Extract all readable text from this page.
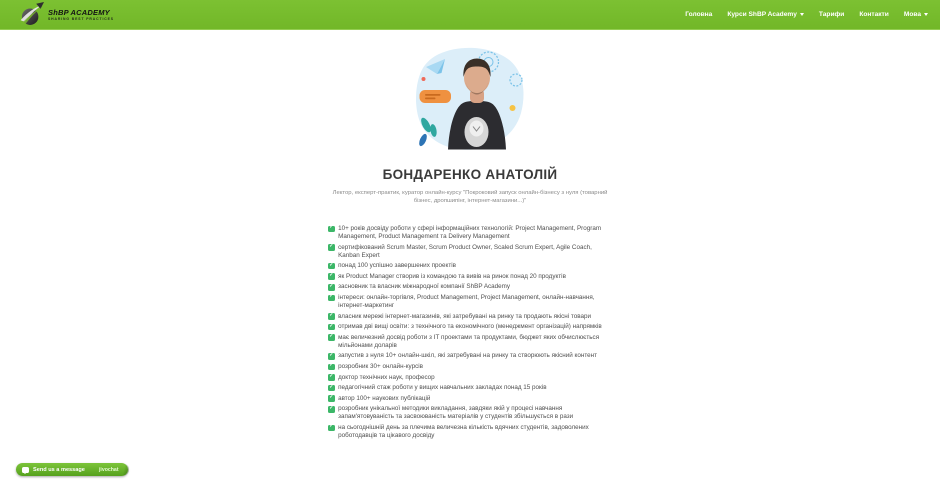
ShBP ACADEMY
SHARING BEST PRACTICES
Головна Курси ShBP Academy	Тарифи Контакти Мова
БОНДАРЕНКО АНАТОЛІЙ

Лектор, експерт-практик, куратор онлайн-курсу "Покроковий запуск онлайн-бізнесу з нуля (товарний бізнес, дропшипінг, інтернет-магазини...)"

✓
10+ років досвіду роботи у сфері інформаційних технологій: Project Management, Program Management, Product Management та Delivery Management
✓
сертифікований Scrum Master, Scrum Product Owner, Scaled Scrum Expert, Agile Coach, Kanban Expert
✓
понад 100 успішно завершених проектів
✓
як Product Manager створив із командою та вивів на ринок понад 20 продуктів
✓
засновник та власник міжнародної компанії ShBP Academy
✓
інтереси: онлайн-торгівля, Product Management, Project Management, онлайн-навчання, інтернет-маркетинг
✓
власник мережі інтернет-магазинів, які затребувані на ринку та продають якісні товари
✓
отримав дві вищі освіти: з технічного та економічного (менеджмент організацій) напрямків
✓
має величезний досвід роботи з ІТ проектами та продуктами, бюджет яких обчислюється мільйонами доларів
✓
запустив з нуля 10+ онлайн-шкіл, які затребувані на ринку та створюють якісний контент
✓
розробник 30+ онлайн-курсів
✓
доктор технічних наук, професор
✓
педагогічний стаж роботи у вищих навчальних закладах понад 15 років
✓
автор 100+ наукових публікацій
✓
розробник унікальної методики викладання, завдяки якій у процесі навчання запам'ятовуваність та засвоюваність матеріалів у студентів збільшується в рази
✓
на сьогоднішній день за плечима величезна кількість вдячних студентів, задоволених роботодавців та цікавого досвіду
Send us a message	jivochat
